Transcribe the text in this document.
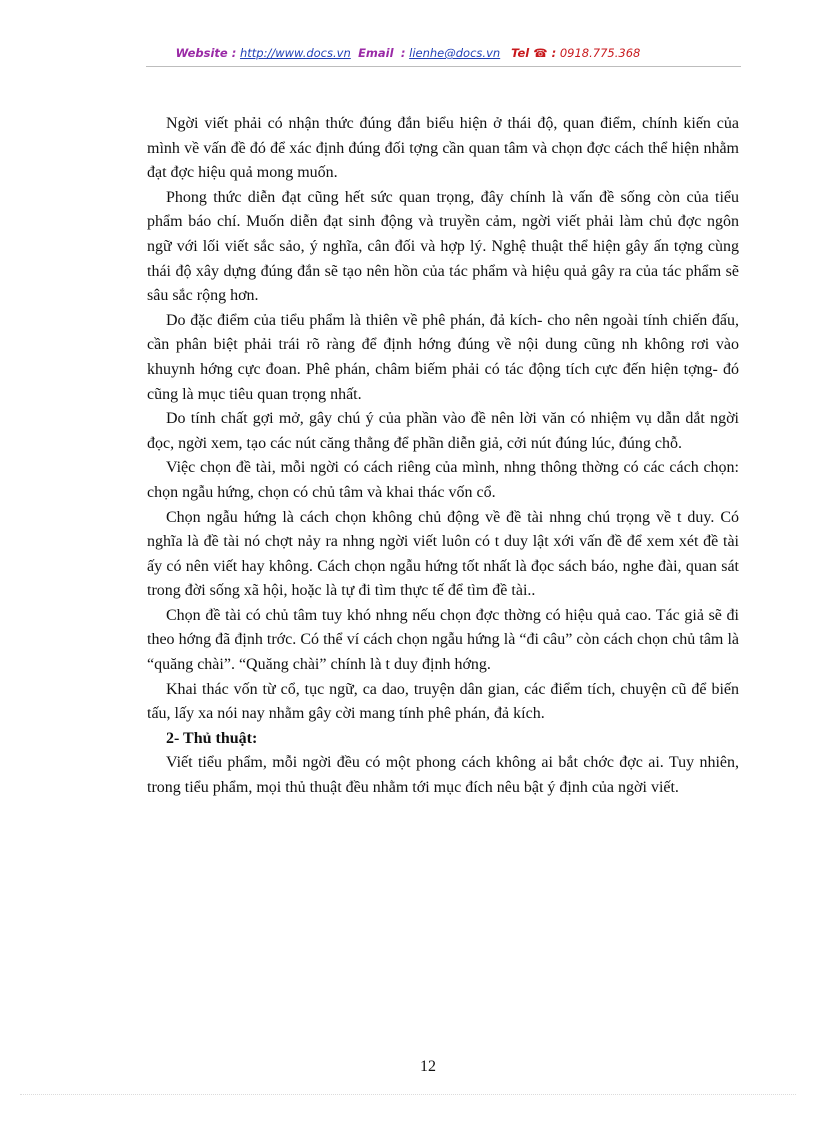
Website : http://www.docs.vn Email : lienhe@docs.vn Tel ☎ : 0918.775.368

Ngời viết phải có nhận thức đúng đắn biểu hiện ở thái độ, quan điểm, chính kiến của mình về vấn đề đó để xác định đúng đối tợng cần quan tâm và chọn đợc cách thể hiện nhằm đạt đợc hiệu quả mong muốn.

Phong thức diễn đạt cũng hết sức quan trọng, đây chính là vấn đề sống còn của tiểu phẩm báo chí. Muốn diễn đạt sinh động và truyền cảm, ngời viết phải làm chủ đợc ngôn ngữ với lối viết sắc sảo, ý nghĩa, cân đối và hợp lý. Nghệ thuật thể hiện gây ấn tợng cùng thái độ xây dựng đúng đắn sẽ tạo nên hồn của tác phẩm và hiệu quả gây ra của tác phẩm sẽ sâu sắc rộng hơn.

Do đặc điểm của tiểu phẩm là thiên về phê phán, đả kích- cho nên ngoài tính chiến đấu, cần phân biệt phải trái rõ ràng để định hớng đúng về nội dung cũng nh không rơi vào khuynh hớng cực đoan. Phê phán, châm biếm phải có tác động tích cực đến hiện tợng- đó cũng là mục tiêu quan trọng nhất.

Do tính chất gợi mở, gây chú ý của phần vào đề nên lời văn có nhiệm vụ dẫn dắt ngời đọc, ngời xem, tạo các nút căng thẳng để phần diễn giả, cởi nút đúng lúc, đúng chỗ.

Việc chọn đề tài, mỗi ngời có cách riêng của mình, nhng thông thờng có các cách chọn: chọn ngẫu hứng, chọn có chủ tâm và khai thác vốn cổ.

Chọn ngẫu hứng là cách chọn không chủ động về đề tài nhng chú trọng về t duy. Có nghĩa là đề tài nó chợt nảy ra nhng ngời viết luôn có t duy lật xới vấn đề để xem xét đề tài ấy có nên viết hay không. Cách chọn ngẫu hứng tốt nhất là đọc sách báo, nghe đài, quan sát trong đời sống xã hội, hoặc là tự đi tìm thực tế để tìm đề tài..

Chọn đề tài có chủ tâm tuy khó nhng nếu chọn đợc thờng có hiệu quả cao. Tác giả sẽ đi theo hớng đã định trớc. Có thể ví cách chọn ngẫu hứng là “đi câu” còn cách chọn chủ tâm là “quăng chài”. “Quăng chài” chính là t duy định hớng.

Khai thác vốn từ cổ, tục ngữ, ca dao, truyện dân gian, các điểm tích, chuyện cũ để biến tấu, lấy xa nói nay nhằm gây cời mang tính phê phán, đả kích.

2- Thủ thuật:

Viết tiểu phẩm, mỗi ngời đều có một phong cách không ai bắt chớc đợc ai. Tuy nhiên, trong tiểu phẩm, mọi thủ thuật đều nhằm tới mục đích nêu bật ý định của ngời viết.

12
